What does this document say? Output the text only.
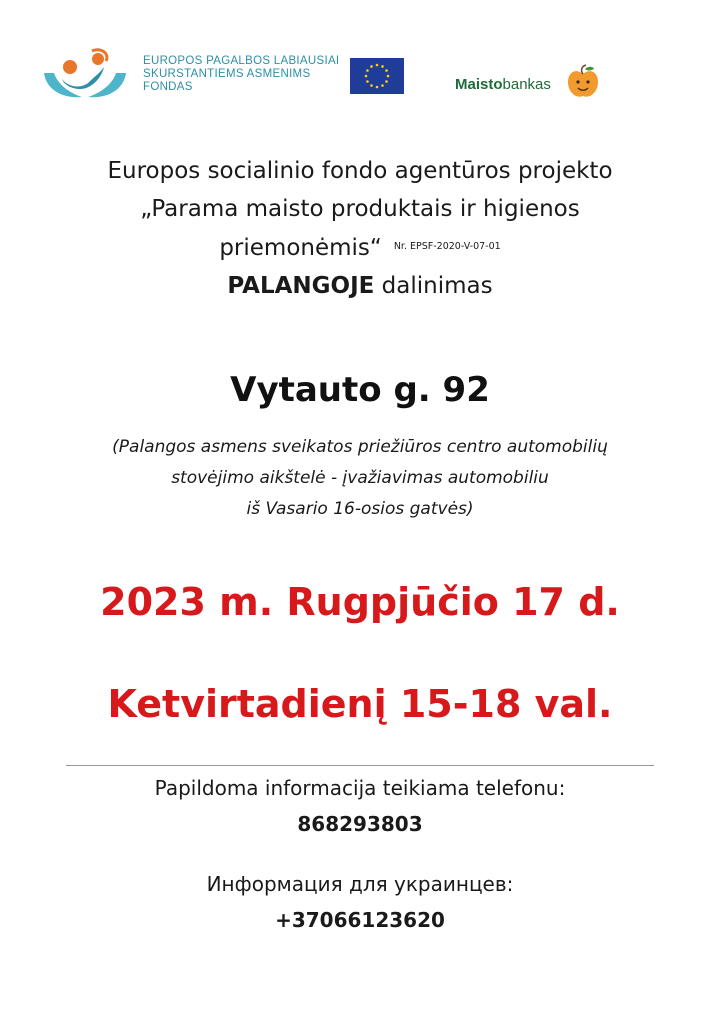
EUROPOS PAGALBOS LABIAUSIAI
SKURSTANTIEMS ASMENIMS
FONDAS	Maistobankas
Europos socialinio fondo agentūros projekto
„Parama maisto produktais ir higienos
priemonėmis“ $^{Nr. EPSF-2020-V-07-01}$
PALANGOJE dalinimas
Vytauto g. 92
(Palangos asmens sveikatos priežiūros centro automobilių
stovėjimo aikštelė - įvažiavimas automobiliu
iš Vasario 16-osios gatvės)
2023 m. Rugpjūčio 17 d.
Ketvirtadienį 15-18 val.
Papildoma informacija teikiama telefonu:
868293803
Информация для украинцев:
+37066123620
